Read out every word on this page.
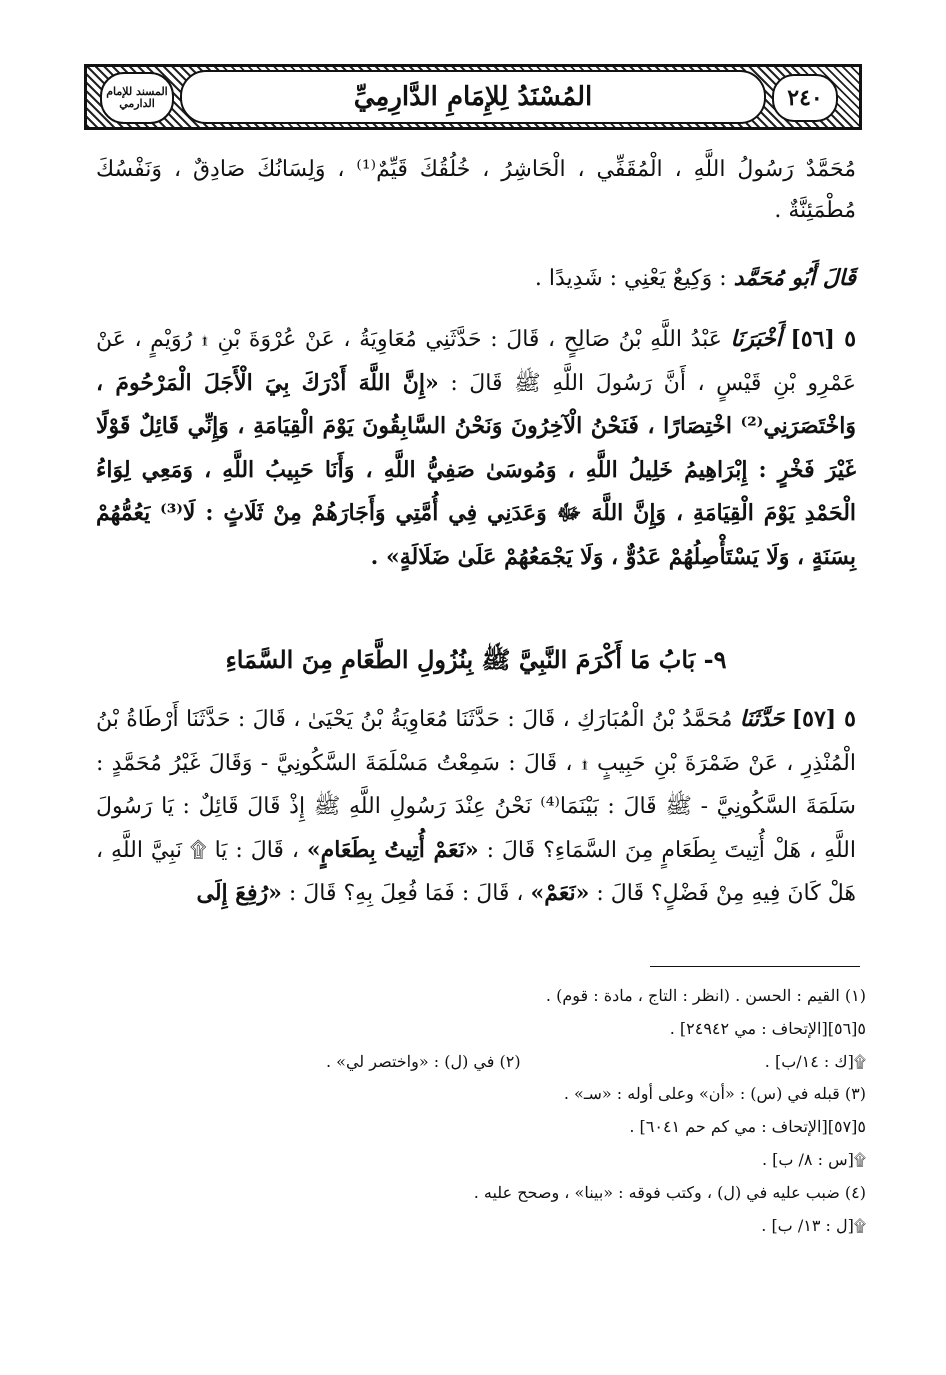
المسند للإمام الدارمي	المُسْنَدُ لِلإِمَامِ الدَّارِمِيِّ	٢٤٠

مُحَمَّدٌ رَسُولُ اللَّهِ ، الْمُقَفِّي ، الْحَاشِرُ ، خُلُقُكَ قَيِّمٌ⁽¹⁾ ، وَلِسَانُكَ صَادِقٌ ، وَنَفْسُكَ مُطْمَئِنَّةٌ .

قَالَ أَبُو مُحَمَّد : وَكِيعٌ يَعْنِي : شَدِيدًا .

٥ [٥٦] أَخْبَرَنَا عَبْدُ اللَّهِ بْنُ صَالِحٍ ، قَالَ : حَدَّثَنِي مُعَاوِيَةُ ، عَنْ عُرْوَةَ بْنِ ۩ رُوَيْمٍ ، عَنْ عَمْرِو بْنِ قَيْسٍ ، أَنَّ رَسُولَ اللَّهِ ﷺ قَالَ : «إِنَّ اللَّهَ أَدْرَكَ بِيَ الْأَجَلَ الْمَرْحُومَ ، وَاخْتَصَرَنِي⁽²⁾ اخْتِصَارًا ، فَنَحْنُ الْآخِرُونَ وَنَحْنُ السَّابِقُونَ يَوْمَ الْقِيَامَةِ ، وَإِنِّي قَائِلٌ قَوْلًا غَيْرَ فَخْرٍ : إِبْرَاهِيمُ خَلِيلُ اللَّهِ ، وَمُوسَىٰ صَفِيُّ اللَّهِ ، وَأَنَا حَبِيبُ اللَّهِ ، وَمَعِي لِوَاءُ الْحَمْدِ يَوْمَ الْقِيَامَةِ ، وَإِنَّ اللَّهَ ﷻ وَعَدَنِي فِي أُمَّتِي وَأَجَارَهُمْ مِنْ ثَلَاثٍ : لَا⁽³⁾ يَعُمُّهُمْ بِسَنَةٍ ، وَلَا يَسْتَأْصِلُهُمْ عَدُوٌّ ، وَلَا يَجْمَعُهُمْ عَلَىٰ ضَلَالَةٍ» .

٩- بَابُ مَا أَكْرَمَ النَّبِيَّ ﷺ بِنُزُولِ الطَّعَامِ مِنَ السَّمَاءِ

٥ [٥٧] حَدَّثَنَا مُحَمَّدُ بْنُ الْمُبَارَكِ ، قَالَ : حَدَّثَنَا مُعَاوِيَةُ بْنُ يَحْيَىٰ ، قَالَ : حَدَّثَنَا أَرْطَاةُ بْنُ الْمُنْذِرِ ، عَنْ ضَمْرَةَ بْنِ حَبِيبٍ ۩ ، قَالَ : سَمِعْتُ مَسْلَمَةَ السَّكُونِيَّ - وَقَالَ غَيْرُ مُحَمَّدٍ : سَلَمَةَ السَّكُونِيَّ - ﷺ قَالَ : بَيْنَمَا⁽⁴⁾ نَحْنُ عِنْدَ رَسُولِ اللَّهِ ﷺ إِذْ قَالَ قَائِلٌ : يَا رَسُولَ اللَّهِ ، هَلْ أُتِيتَ بِطَعَامٍ مِنَ السَّمَاءِ؟ قَالَ : «نَعَمْ أُتِيتُ بِطَعَامٍ» ، قَالَ : يَا ۩ نَبِيَّ اللَّهِ ، هَلْ كَانَ فِيهِ مِنْ فَضْلٍ؟ قَالَ : «نَعَمْ» ، قَالَ : فَمَا فُعِلَ بِهِ؟ قَالَ : «رُفِعَ إِلَى

(١) القيم : الحسن . (انظر : التاج ، مادة : قوم) .

٥[٥٦][الإتحاف : مي ٢٤٩٤٢] .

۩[ك : ١٤/ب] .
(٢) في (ل) : «واختصر لي» .

(٣) قبله في (س) : «أن» وعلى أوله : «سـ» .

٥[٥٧][الإتحاف : مي كم حم ٦٠٤١] .

۩[س : ٨/ ب] .

(٤) ضبب عليه في (ل) ، وكتب فوقه : «بينا» ، وصحح عليه .

۩[ل : ١٣/ ب] .
